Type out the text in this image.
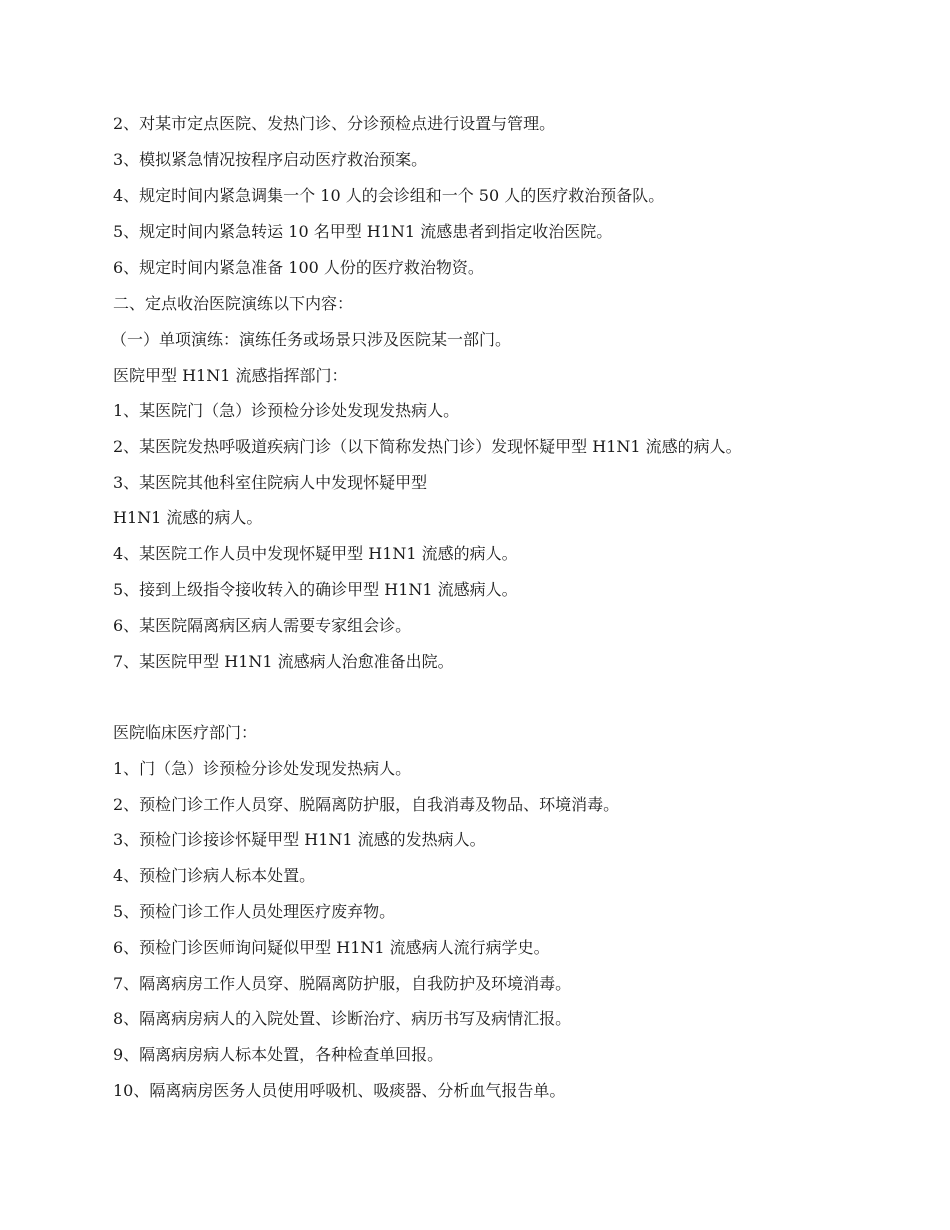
2、对某市定点医院、发热门诊、分诊预检点进行设置与管理。
3、模拟紧急情况按程序启动医疗救治预案。
4、规定时间内紧急调集一个 10 人的会诊组和一个 50 人的医疗救治预备队。
5、规定时间内紧急转运 10 名甲型 H1N1 流感患者到指定收治医院。
6、规定时间内紧急准备 100 人份的医疗救治物资。
二、定点收治医院演练以下内容：
（一）单项演练：演练任务或场景只涉及医院某一部门。
医院甲型 H1N1 流感指挥部门：
1、某医院门（急）诊预检分诊处发现发热病人。
2、某医院发热呼吸道疾病门诊（以下简称发热门诊）发现怀疑甲型 H1N1 流感的病人。
3、某医院其他科室住院病人中发现怀疑甲型
H1N1 流感的病人。
4、某医院工作人员中发现怀疑甲型 H1N1 流感的病人。
5、接到上级指令接收转入的确诊甲型 H1N1 流感病人。
6、某医院隔离病区病人需要专家组会诊。
7、某医院甲型 H1N1 流感病人治愈准备出院。
医院临床医疗部门：
1、门（急）诊预检分诊处发现发热病人。
2、预检门诊工作人员穿、脱隔离防护服，自我消毒及物品、环境消毒。
3、预检门诊接诊怀疑甲型 H1N1 流感的发热病人。
4、预检门诊病人标本处置。
5、预检门诊工作人员处理医疗废弃物。
6、预检门诊医师询问疑似甲型 H1N1 流感病人流行病学史。
7、隔离病房工作人员穿、脱隔离防护服，自我防护及环境消毒。
8、隔离病房病人的入院处置、诊断治疗、病历书写及病情汇报。
9、隔离病房病人标本处置，各种检查单回报。
10、隔离病房医务人员使用呼吸机、吸痰器、分析血气报告单。
